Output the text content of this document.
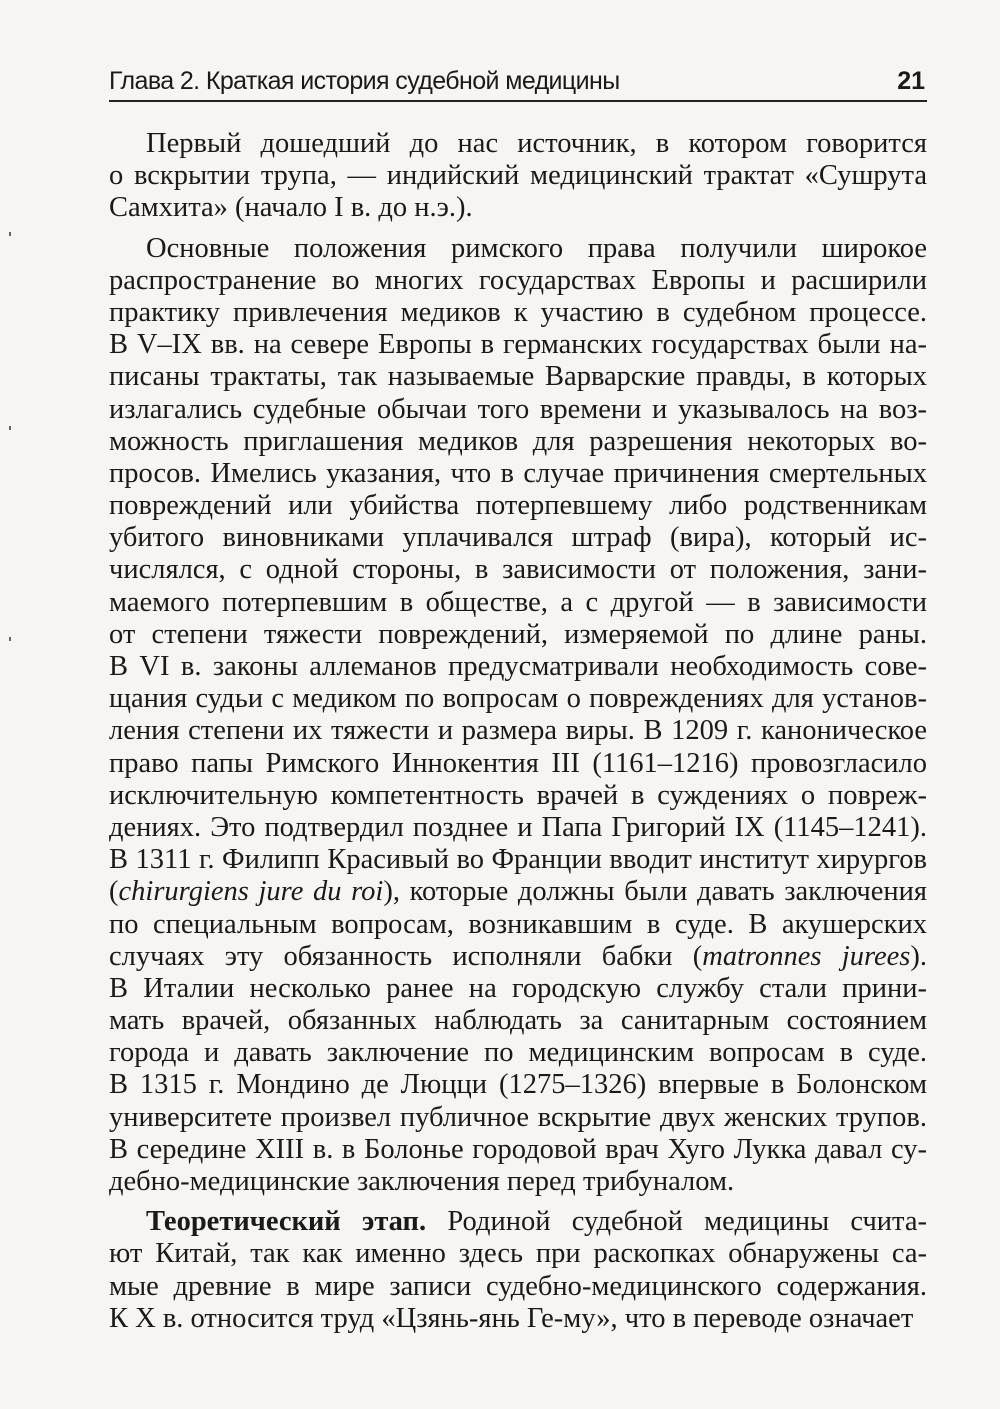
Глава 2. Краткая история судебной медицины	21
Первый дошедший до нас источник, в котором говорится
о вскрытии трупа, — индийский медицинский трактат «Сушрута
Самхита» (начало I в. до н.э.).
Основные положения римского права получили широкое
распространение во многих государствах Европы и расширили
практику привлечения медиков к участию в судебном процессе.
В V–IX вв. на севере Европы в германских государствах были на-
писаны трактаты, так называемые Варварские правды, в которых
излагались судебные обычаи того времени и указывалось на воз-
можность приглашения медиков для разрешения некоторых во-
просов. Имелись указания, что в случае причинения смертельных
повреждений или убийства потерпевшему либо родственникам
убитого виновниками уплачивался штраф (вира), который ис-
числялся, с одной стороны, в зависимости от положения, зани-
маемого потерпевшим в обществе, а с другой — в зависимости
от степени тяжести повреждений, измеряемой по длине раны.
В VI в. законы аллеманов предусматривали необходимость сове-
щания судьи с медиком по вопросам о повреждениях для установ-
ления степени их тяжести и размера виры. В 1209 г. каноническое
право папы Римского Иннокентия III (1161–1216) провозгласило
исключительную компетентность врачей в суждениях о повреж-
дениях. Это подтвердил позднее и Папа Григорий IX (1145–1241).
В 1311 г. Филипп Красивый во Франции вводит институт хирургов
(chirurgiens jure du roi), которые должны были давать заключения
по специальным вопросам, возникавшим в суде. В акушерских
случаях эту обязанность исполняли бабки (matronnes jurees).
В Италии несколько ранее на городскую службу стали прини-
мать врачей, обязанных наблюдать за санитарным состоянием
города и давать заключение по медицинским вопросам в суде.
В 1315 г. Мондино де Люцци (1275–1326) впервые в Болонском
университете произвел публичное вскрытие двух женских трупов.
В середине XIII в. в Болонье городовой врач Хуго Лукка давал су-
дебно-медицинские заключения перед трибуналом.
Теоретический этап. Родиной судебной медицины счита-
ют Китай, так как именно здесь при раскопках обнаружены са-
мые древние в мире записи судебно-медицинского содержания.
К X в. относится труд «Цзянь-янь Ге-му», что в переводе означает
